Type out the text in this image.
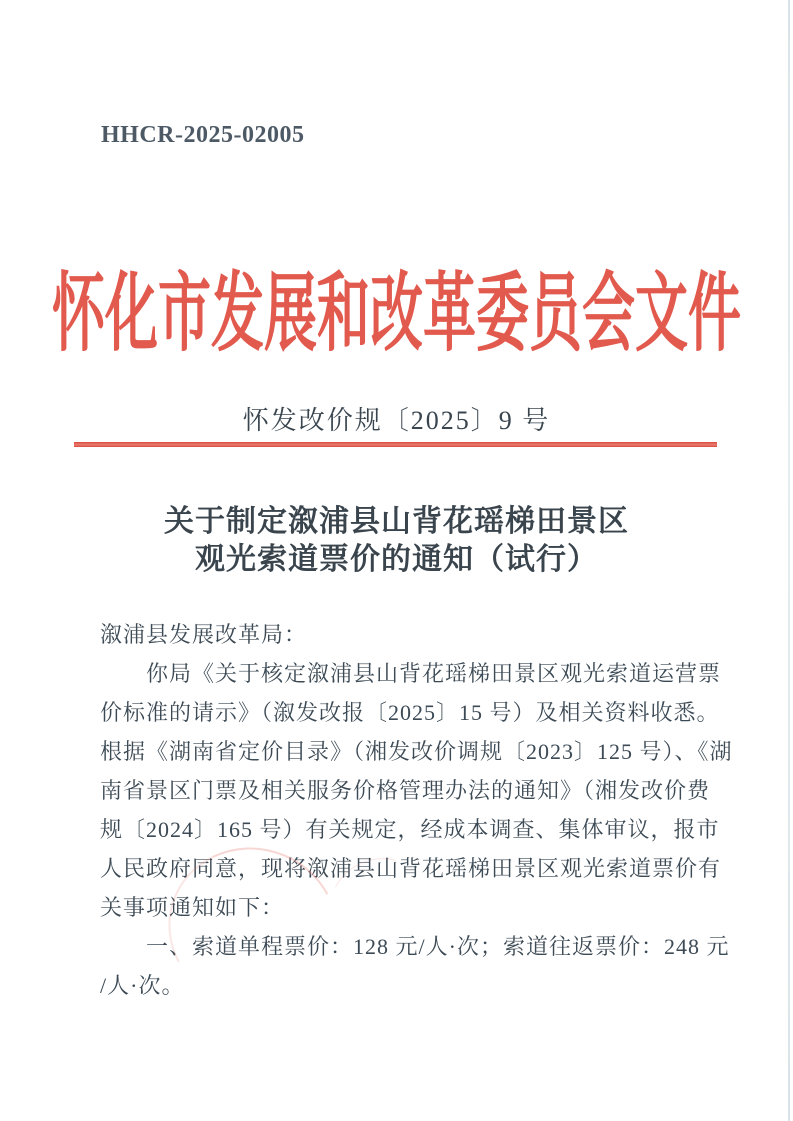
HHCR-2025-02005
怀化市发展和改革委员会文件
怀发改价规〔2025〕9 号
关于制定溆浦县山背花瑶梯田景区
观光索道票价的通知（试行）
溆浦县发展改革局：
　　你局《关于核定溆浦县山背花瑶梯田景区观光索道运营票
价标准的请示》（溆发改报〔2025〕15 号）及相关资料收悉。
根据《湖南省定价目录》（湘发改价调规〔2023〕125 号）、《湖
南省景区门票及相关服务价格管理办法的通知》（湘发改价费
规〔2024〕165 号）有关规定，经成本调查、集体审议，报市
人民政府同意，现将溆浦县山背花瑶梯田景区观光索道票价有
关事项通知如下：
　　一、索道单程票价：128 元/人·次；索道往返票价：248 元
/人·次。
